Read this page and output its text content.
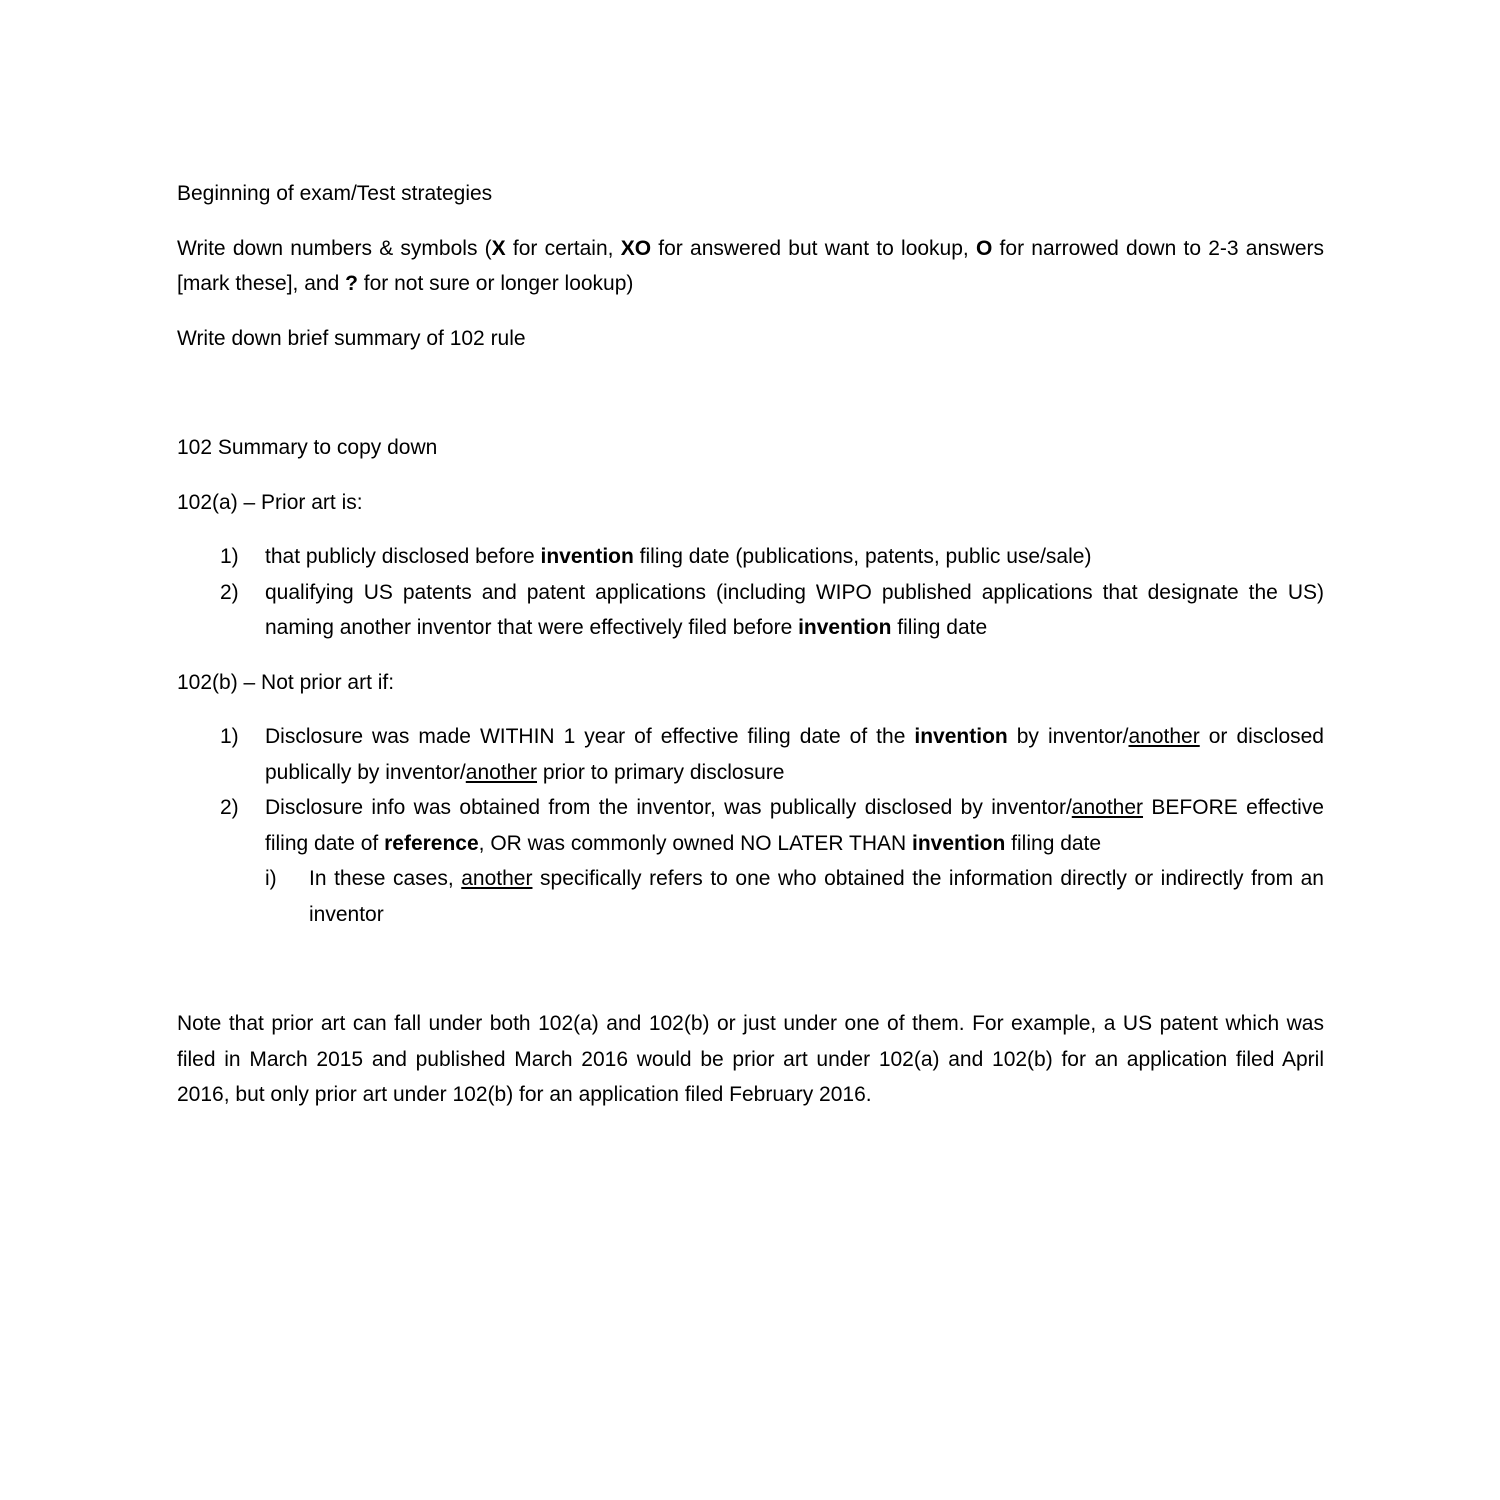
Beginning of exam/Test strategies

Write down numbers & symbols (X for certain, XO for answered but want to lookup, O for narrowed down to 2-3 answers [mark these], and ? for not sure or longer lookup)

Write down brief summary of 102 rule

102 Summary to copy down

102(a) – Prior art is:

1) that publicly disclosed before invention filing date (publications, patents, public use/sale)
2) qualifying US patents and patent applications (including WIPO published applications that designate the US) naming another inventor that were effectively filed before invention filing date

102(b) – Not prior art if:

1) Disclosure was made WITHIN 1 year of effective filing date of the invention by inventor/another or disclosed publically by inventor/another prior to primary disclosure
2) Disclosure info was obtained from the inventor, was publically disclosed by inventor/another BEFORE effective filing date of reference, OR was commonly owned NO LATER THAN invention filing date
i) In these cases, another specifically refers to one who obtained the information directly or indirectly from an inventor

Note that prior art can fall under both 102(a) and 102(b) or just under one of them. For example, a US patent which was filed in March 2015 and published March 2016 would be prior art under 102(a) and 102(b) for an application filed April 2016, but only prior art under 102(b) for an application filed February 2016.
